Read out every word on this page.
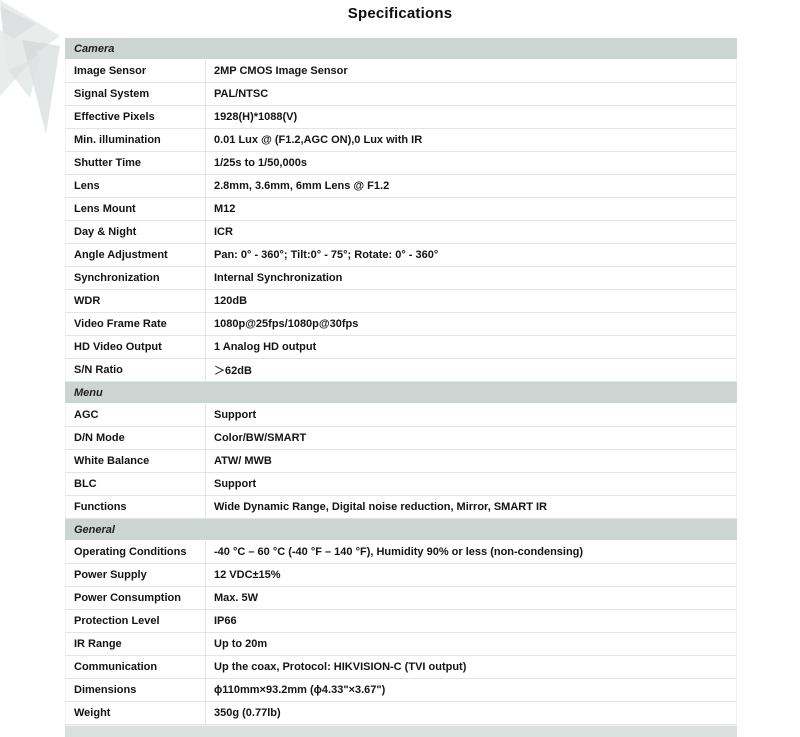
Specifications
Camera
Image Sensor	2MP CMOS Image Sensor
Signal System	PAL/NTSC
Effective Pixels	1928(H)*1088(V)
Min. illumination	0.01 Lux @ (F1.2,AGC ON),0 Lux with IR
Shutter Time	1/25s to 1/50,000s
Lens	2.8mm, 3.6mm, 6mm Lens @ F1.2
Lens Mount	M12
Day & Night	ICR
Angle Adjustment	Pan: 0° - 360°; Tilt:0° - 75°; Rotate: 0° - 360°
Synchronization	Internal Synchronization
WDR	120dB
Video Frame Rate	1080p@25fps/1080p@30fps
HD Video Output	1 Analog HD output
S/N Ratio	＞62dB
Menu
AGC	Support
D/N Mode	Color/BW/SMART
White Balance	ATW/ MWB
BLC	Support
Functions	Wide Dynamic Range, Digital noise reduction, Mirror, SMART IR
General
Operating Conditions	-40 °C – 60 °C (-40 °F – 140 °F), Humidity 90% or less (non-condensing)
Power Supply	12 VDC±15%
Power Consumption	Max. 5W
Protection Level	IP66
IR Range	Up to 20m
Communication	Up the coax, Protocol: HIKVISION-C (TVI output)
Dimensions	ϕ110mm×93.2mm (ϕ4.33"×3.67")
Weight	350g (0.77lb)
